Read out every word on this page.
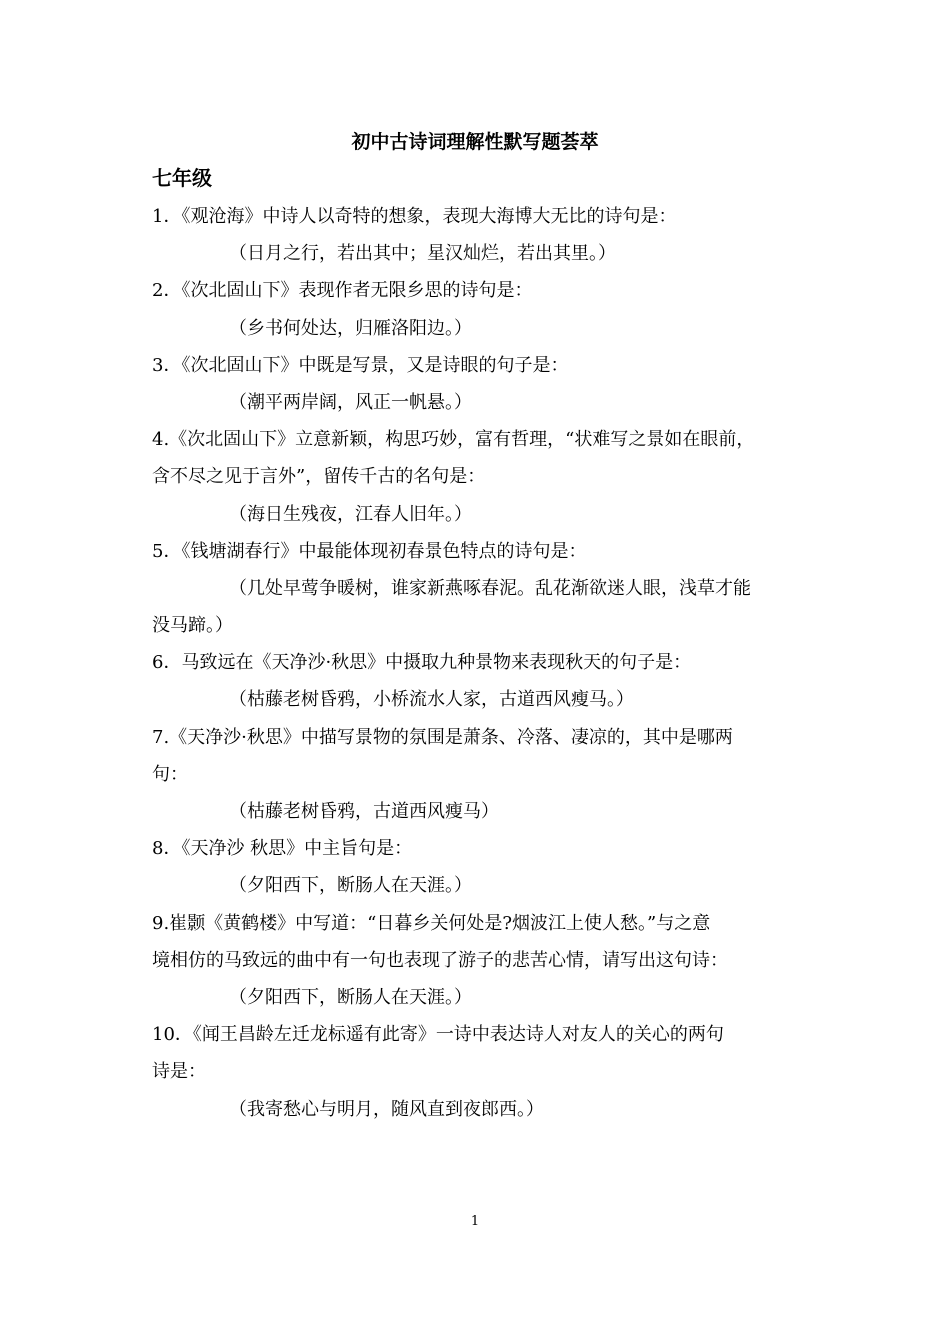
初中古诗词理解性默写题荟萃
七年级
1．《观沧海》中诗人以奇特的想象，表现大海博大无比的诗句是：
（日月之行，若出其中；星汉灿烂，若出其里。）
2．《次北固山下》表现作者无限乡思的诗句是：
（乡书何处达，归雁洛阳边。）
3．《次北固山下》中既是写景，又是诗眼的句子是：
（潮平两岸阔，风正一帆悬。）
4.《次北固山下》立意新颖，构思巧妙，富有哲理，“状难写之景如在眼前，
含不尽之见于言外”，留传千古的名句是：
（海日生残夜，江春人旧年。）
5．《钱塘湖春行》中最能体现初春景色特点的诗句是：
（几处早莺争暖树，谁家新燕啄春泥。乱花渐欲迷人眼，浅草才能
没马蹄。）
6．马致远在《天净沙·秋思》中摄取九种景物来表现秋天的句子是：
（枯藤老树昏鸦，小桥流水人家，古道西风瘦马。）
7.《天净沙·秋思》中描写景物的氛围是萧条、冷落、凄凉的，其中是哪两
句：
（枯藤老树昏鸦，古道西风瘦马）
8．《天净沙 秋思》中主旨句是：
（夕阳西下，断肠人在天涯。）
9.崔颢《黄鹤楼》中写道：“日暮乡关何处是?烟波江上使人愁。”与之意
境相仿的马致远的曲中有一句也表现了游子的悲苦心情，请写出这句诗：
（夕阳西下，断肠人在天涯。）
10．《闻王昌龄左迁龙标遥有此寄》一诗中表达诗人对友人的关心的两句
诗是：
（我寄愁心与明月，随风直到夜郎西。）
1
